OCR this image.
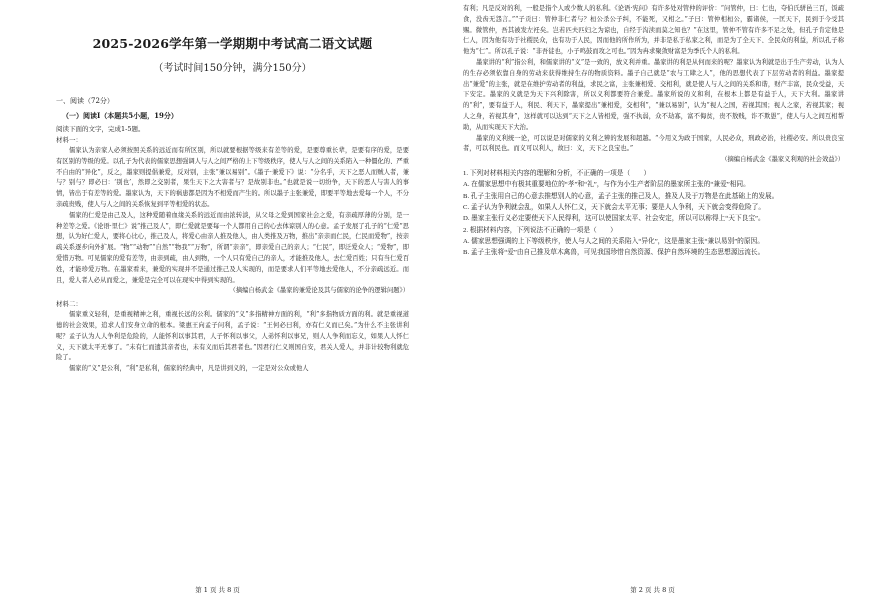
2025-2026学年第一学期期中考试高二语文试题
（考试时间150分钟，满分150分）
一、阅读（72分）
（一）阅读Ⅰ（本题共5小题，19分）
阅读下面的文字，完成1-5题。
材料一：

儒家认为亲家人必须按照关系的远近而有所区别，所以就要根据等级来有差等的爱，是要尊重长辈，是要有序的爱，是要有区别的等级的爱。以孔子为代表的儒家思想强调人与人之间严格的上下等级秩序，使人与人之间的关系陷入一种僵化的、严重不自由的“异化”，反之，墨家则提倡兼爱，反对别，主张“兼以易别”。《墨子·兼爱下》说：“分名乎，天下之恶人而贼人者，兼与？别与？即必曰：‘别也’，然即之交别者，果生天下之大害者与？是故别非也。”也就是说一切纷争，天下的恶人与害人的事情，皆出于有差等的爱。墨家认为，天下的祸患都是因为不相爱而产生的。所以墨子主张兼爱，即要平等地去爱每一个人，不分亲疏贵贱，使人与人之间的关系恢复到平等相爱的状态。

儒家的仁爱是由己及人，这种爱随着血缘关系的远近而由浓转淡，从父母之爱到国家社会之爱，有亲疏厚薄的分别，是一种差等之爱。《论语·里仁》说“推己及人”，即仁爱就是要每一个人都用自己的心去体谅别人的心意。孟子发展了孔子的“仁爱”思想，认为好仁爱人，要将心比心，推己及人，将爱心由亲人推及他人，由人类推及万物，推出“亲亲而仁民，仁民而爱物”，按亲疏关系逐步向外扩展。“物”“动物”“自然”“物我”“万物”，所谓“亲亲”，即亲爱自己的亲人；“仁民”，即泛爱众人；“爱物”，即爱惜万物。可见儒家的爱有差等，由亲到疏，由人到物，一个人只有爱自己的亲人，才能推及他人，去仁爱百姓；只有当仁爱百姓，才能珍爱万物。在墨家看来，兼爱的实现并不是通过推己及人实现的，而是要求人们平等地去爱他人，不分亲疏远近。而且，爱人者人必从而爱之，兼爱是完全可以在现实中得到实现的。

（摘编自杨武金《墨家的兼爱论及其与儒家的论争的逻辑问题》）
材料二：

儒家重义轻利，是重视精神之利，重视长远的公利。儒家的“义”多指精神方面的利，“利”多指物质方面的利。就是重视道德的社会效果，追求人们安身立命的根本。梁惠王向孟子问利，孟子说：“王何必曰利，亦有仁义而已矣。”为什么不主张讲利呢？孟子认为人人争利是危险的，人能怀利以事其君，人子怀利以事父，人弟怀利以事兄，则人人争利而忘义，如果人人怀仁义，天下就太平无事了。“未有仁而遗其亲者也，未有义而后其君者也。”因君行仁义则国自安，君关人爱人，并非计较物利就危险了。

儒家的“义”是公利，“利”是私利，儒家的经典中，凡是讲到义的，一定是对公众或他人

第 1 页 共 8 页

有利；凡是反对的利，一般是指个人或少数人的私利。《论语·宪问》有许多处对管仲的评价：“问管仲，曰：仁也，夺伯氏骈邑三百，饭疏食，没齿无怨言。”“子贡曰：管仲非仁者与？桓公杀公子纠，不能死，又相之。”子曰：管仲相桓公，霸诸侯，一匡天下，民到于今受其赐。微管仲，吾其被发左衽矣。岂若匹夫匹妇之为谅也，自经于沟渎而莫之知也？”在这里，管仲不管有许多不足之处，但孔子肯定他是仁人，因为他有功于社稷民众，也有功于人民，因而他的所作所为，并非是私于私家之利，而是为了全天下、全民众的利益，所以孔子称他为“仁”。所以孔子说：“非吾徒也，小子鸣鼓而攻之可也。”因为冉求聚敛财富是为季氏个人的私利。

墨家讲的“利”指公利，和儒家讲的“义”是一致的，放义利并重。墨家讲的利是从何而来的呢？墨家认为利就是出于生产劳动，认为人的生存必须依靠自身的劳动来获得维持生存的物质资料。墨子自己就是“农与工肆之人”，他的思想代表了下层劳动者的利益。墨家提出“兼爱”的主张，就是在维护劳动者的利益，求民之富，主张兼相爱、交相利，就是使人与人之间的关系和谐，财产丰富，民众受益，天下安定。墨家的义就是为天下兴利除害，所以义利都要符合兼爱。墨家所说的义和利，在根本上都是有益于人，天下大利。墨家讲的“利”，要有益于人，利民、利天下，墨家提出“兼相爱，交相利”，“兼以易别”，认为“视人之国，若视其国；视人之家，若视其家；视人之身，若视其身”，这样就可以达到“天下之人皆相爱，强不执弱，众不劫寡，富不侮贫，贵不敖贱，诈不欺愚”，使人与人之间互相帮助，从而实现天下大治。

墨家的义利统一论，可以说是对儒家的义利之辨的发展和超越。“今用义为政于国家，人民必众，刑政必治，社稷必安。所以贵良宝者，可以利民也。而义可以利人，故曰：义，天下之良宝也。”

（摘编自杨武金《墨家义利观的社会效益》）

1. 下列对材料相关内容的理解和分析，不正确的一项是（　　）

A. 在儒家思想中有极其重要地位的“孝”和“礼”，与作为小生产者阶层的墨家所主张的“兼爱”相同。

B. 孔子主张用自己的心意去推想别人的心意，孟子主张的推己及人，推及人及于万物是在此基础上的发展。

C. 孟子认为争利就会乱，如果人人怀仁义，天下就会太平无事；要是人人争利，天下就会变得危险了。

D. 墨家主张行义必定要使天下人民得利，这可以使国家太平、社会安定，所以可以称得上“天下良宝”。

2. 根据材料内容，下列说法不正确的一项是（　　）

A. 儒家思想强调的上下等级秩序，使人与人之间的关系陷入“异化”，这是墨家主张“兼以易别”的原因。

B. 孟子主张将“爱”由自己推及草木禽兽，可见我国珍惜自然资源、保护自然环境的生态思想源远流长。

第 2 页 共 8 页
